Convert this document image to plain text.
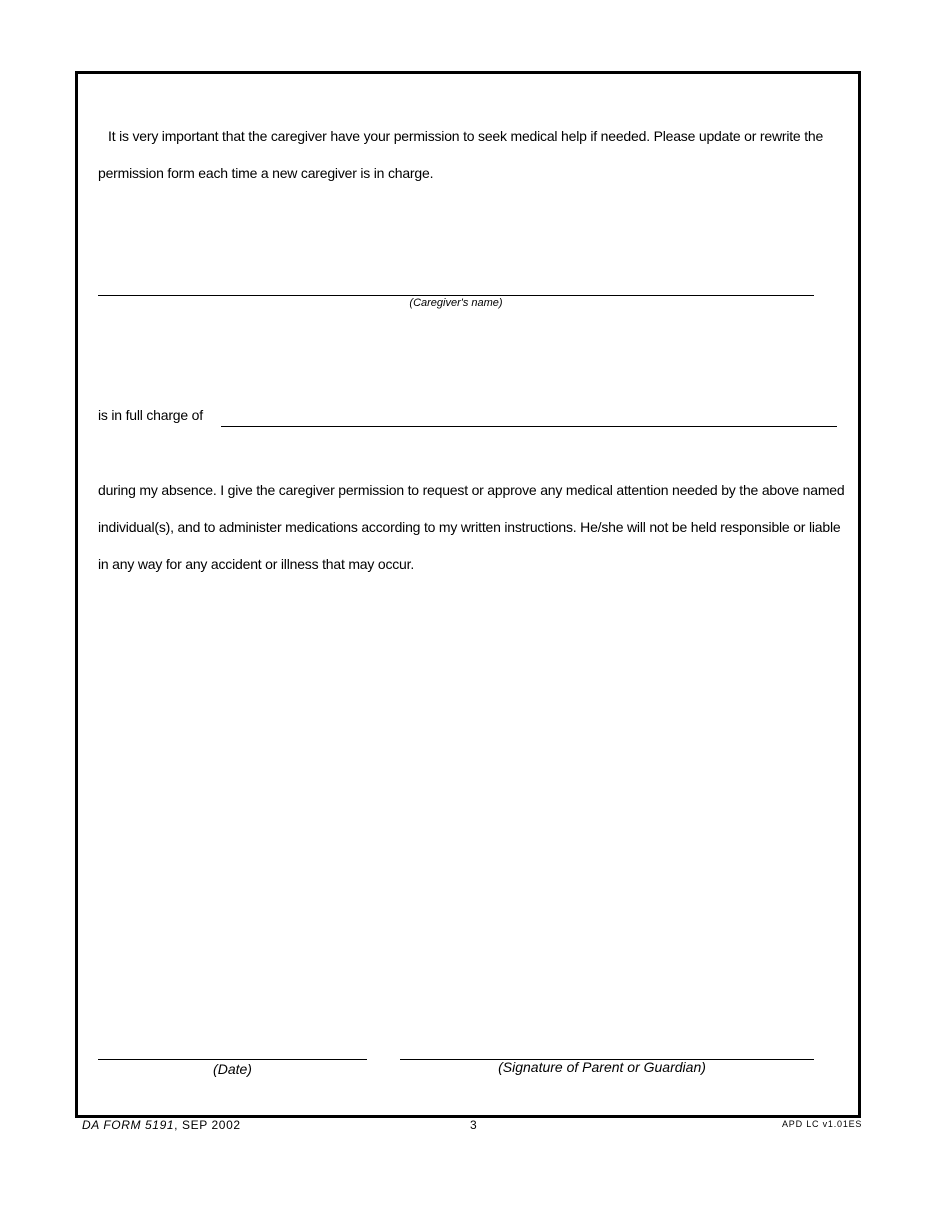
It is very important that the caregiver have your permission to seek medical help if needed. Please update or rewrite the permission form each time a new caregiver is in charge.

(Caregiver's name)
is in full charge of

during my absence. I give the caregiver permission to request or approve any medical attention needed by the above named individual(s), and to administer medications according to my written instructions. He/she will not be held responsible or liable in any way for any accident or illness that may occur.

(Date)	(Signature of Parent or Guardian)
DA FORM 5191, SEP 2002	3	APD LC v1.01ES
